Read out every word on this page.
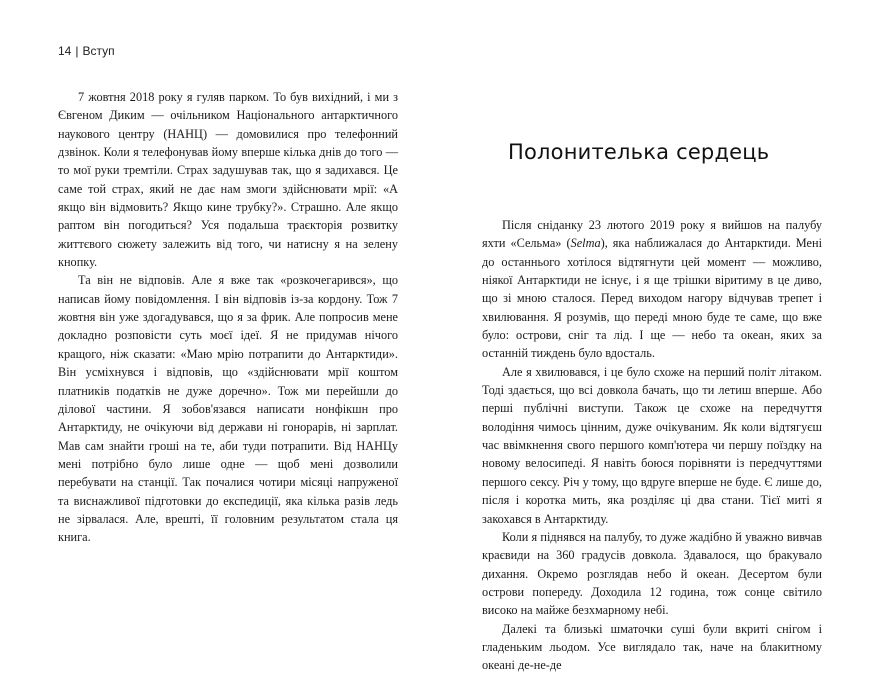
14 | Вступ

7 жовтня 2018 року я гуляв парком. То був вихідний, і ми з Євгеном Диким — очільником Національного антарктичного наукового центру (НАНЦ) — домовилися про телефонний дзвінок. Коли я телефонував йому вперше кілька днів до того — то мої руки тремтіли. Страх задушував так, що я задихався. Це саме той страх, який не дає нам змоги здійснювати мрії: «А якщо він відмовить? Якщо кине трубку?». Страшно. Але якщо раптом він погодиться? Уся подальша траєкторія розвитку життєвого сюжету залежить від того, чи натисну я на зелену кнопку.

Та він не відповів. Але я вже так «розкочегарився», що написав йому повідомлення. І він відповів із-за кордону. Тож 7 жовтня він уже здогадувався, що я за фрик. Але попросив мене докладно розповісти суть моєї ідеї. Я не придумав нічого кращого, ніж сказати: «Маю мрію потрапити до Антарктиди». Він усміхнувся і відповів, що «здійснювати мрії коштом платників податків не дуже доречно». Тож ми перейшли до ділової частини. Я зобов'язався написати нонфікшн про Антарктиду, не очікуючи від держави ні гонорарів, ні зарплат. Мав сам знайти гроші на те, аби туди потрапити. Від НАНЦу мені потрібно було лише одне — щоб мені дозволили перебувати на станції. Так почалися чотири місяці напруженої та виснажливої підготовки до експедиції, яка кілька разів ледь не зірвалася. Але, врешті, її головним результатом стала ця книга.

Полонителька сердець

Після сніданку 23 лютого 2019 року я вийшов на палубу яхти «Сельма» (Selma), яка наближалася до Антарктиди. Мені до останнього хотілося відтягнути цей момент — можливо, ніякої Антарктиди не існує, і я ще трішки вiритиму в це диво, що зі мною сталося. Перед виходом нагору відчував трепет і хвилювання. Я розумів, що переді мною буде те саме, що вже було: острови, сніг та лід. І ще — небо та океан, яких за останній тиждень було вдосталь.

Але я хвилювався, і це було схоже на перший політ літаком. Тоді здається, що всі довкола бачать, що ти летиш вперше. Або перші публічні виступи. Також це схоже на передчуття володіння чимось цінним, дуже очікуваним. Як коли відтягуєш час ввімкнення свого першого комп'ютера чи першу поїздку на новому велосипеді. Я навіть боюся порівняти із передчуттями першого сексу. Річ у тому, що вдруге вперше не буде. Є лише до, після і коротка мить, яка розділяє ці два стани. Тієї миті я закохався в Антарктиду.

Коли я піднявся на палубу, то дуже жадібно й уважно вивчав краєвиди на 360 градусів довкола. Здавалося, що бракувало дихання. Окремо розглядав небо й океан. Десертом були острови попереду. Доходила 12 година, тож сонце світило високо на майже безхмарному небі.

Далекі та близькі шматочки суші були вкриті снігом і гладеньким льодом. Усе виглядало так, наче на блакитному океані де-не-де
